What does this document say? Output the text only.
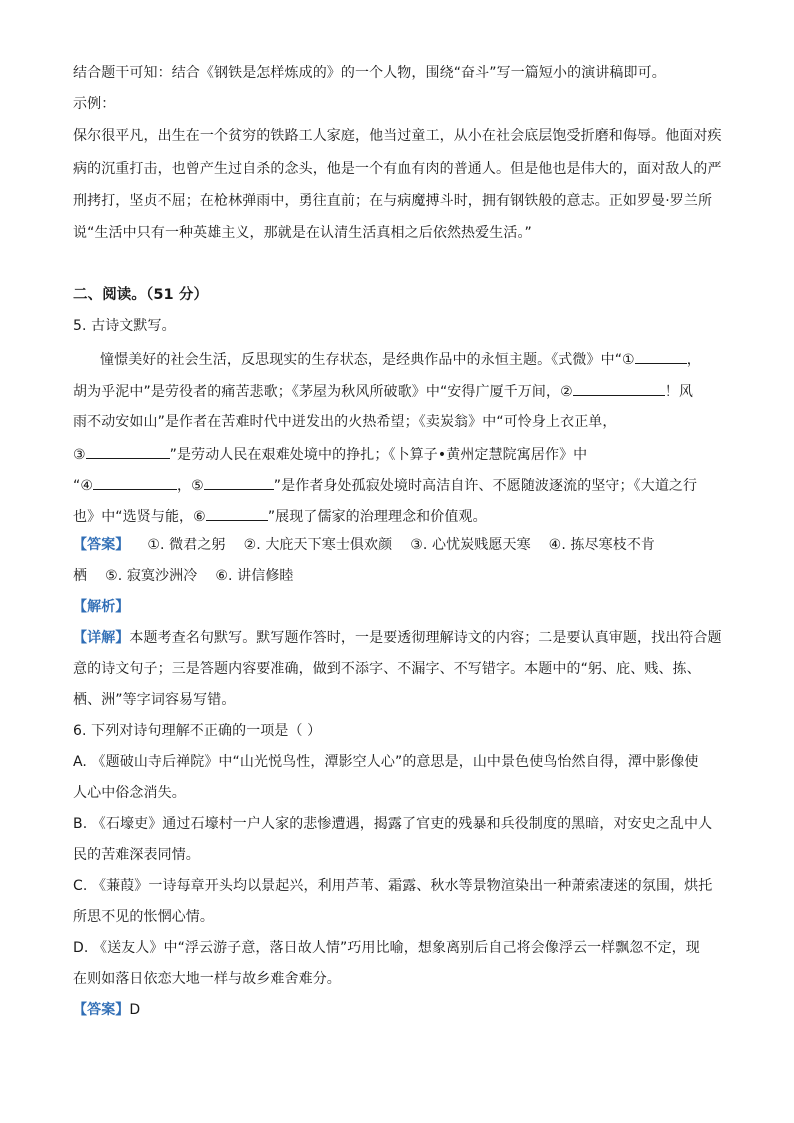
结合题干可知：结合《钢铁是怎样炼成的》的一个人物，围绕“奋斗”写一篇短小的演讲稿即可。
示例：
保尔很平凡，出生在一个贫穷的铁路工人家庭，他当过童工，从小在社会底层饱受折磨和侮辱。他面对疾
病的沉重打击，也曾产生过自杀的念头，他是一个有血有肉的普通人。但是他也是伟大的，面对敌人的严
刑拷打，坚贞不屈；在枪林弹雨中，勇往直前；在与病魔搏斗时，拥有钢铁般的意志。正如罗曼·罗兰所
说“生活中只有一种英雄主义，那就是在认清生活真相之后依然热爱生活。”
二、阅读。（51 分）
5. 古诗文默写。
憧憬美好的社会生活，反思现实的生存状态，是经典作品中的永恒主题。《式微》中“①	，
胡为乎泥中”是劳役者的痛苦悲歌；《茅屋为秋风所破歌》中“安得广厦千万间，②	！风
雨不动安如山”是作者在苦难时代中迸发出的火热希望；《卖炭翁》中“可怜身上衣正单，
③	”是劳动人民在艰难处境中的挣扎；《卜算子•黄州定慧院寓居作》中
“④	，⑤	”是作者身处孤寂处境时高洁自许、不愿随波逐流的坚守；《大道之行
也》中“选贤与能，⑥	”展现了儒家的治理理念和价值观。
【答案】 ①. 微君之躬 ②. 大庇天下寒士俱欢颜 ③. 心忧炭贱愿天寒 ④. 拣尽寒枝不肯
栖 ⑤. 寂寞沙洲冷 ⑥. 讲信修睦
【解析】
【详解】本题考查名句默写。默写题作答时，一是要透彻理解诗文的内容；二是要认真审题，找出符合题
意的诗文句子；三是答题内容要准确，做到不添字、不漏字、不写错字。本题中的“躬、庇、贱、拣、
栖、洲”等字词容易写错。
6. 下列对诗句理解不正确的一项是（ ）
A. 《题破山寺后禅院》中“山光悦鸟性，潭影空人心”的意思是，山中景色使鸟怡然自得，潭中影像使
人心中俗念消失。
B. 《石壕吏》通过石壕村一户人家的悲惨遭遇，揭露了官吏的残暴和兵役制度的黑暗，对安史之乱中人
民的苦难深表同情。
C. 《蒹葭》一诗每章开头均以景起兴，利用芦苇、霜露、秋水等景物渲染出一种萧索凄迷的氛围，烘托
所思不见的怅惘心情。
D. 《送友人》中“浮云游子意，落日故人情”巧用比喻，想象离别后自己将会像浮云一样飘忽不定，现
在则如落日依恋大地一样与故乡难舍难分。
【答案】D
